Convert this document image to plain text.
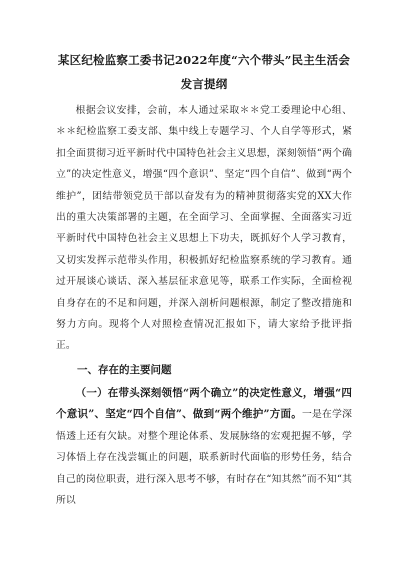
某区纪检监察工委书记2022年度“六个带头”民主生活会
发言提纲

根据会议安排，会前，本人通过采取＊＊党工委理论中心组、＊＊纪检监察工委支部、集中线上专题学习、个人自学等形式，紧扣全面贯彻习近平新时代中国特色社会主义思想，深刻领悟“两个确立”的决定性意义，增强“四个意识”、坚定“四个自信”、做到“两个维护”，团结带领党员干部以奋发有为的精神贯彻落实党的XX大作出的重大决策部署的主题，在全面学习、全面掌握、全面落实习近平新时代中国特色社会主义思想上下功夫，既抓好个人学习教育，又切实发挥示范带头作用，积极抓好纪检监察系统的学习教育。通过开展谈心谈话、深入基层征求意见等，联系工作实际，全面检视自身存在的不足和问题，并深入剖析问题根源，制定了整改措施和努力方向。现将个人对照检查情况汇报如下，请大家给予批评指正。

一、存在的主要问题

（一）在带头深刻领悟“两个确立”的决定性意义，增强“四个意识”、坚定“四个自信”、做到“两个维护”方面。一是在学深悟透上还有欠缺。对整个理论体系、发展脉络的宏观把握不够，学习体悟上存在浅尝辄止的问题，联系新时代面临的形势任务，结合自己的岗位职责，进行深入思考不够，有时存在“知其然”而不知“其所以
